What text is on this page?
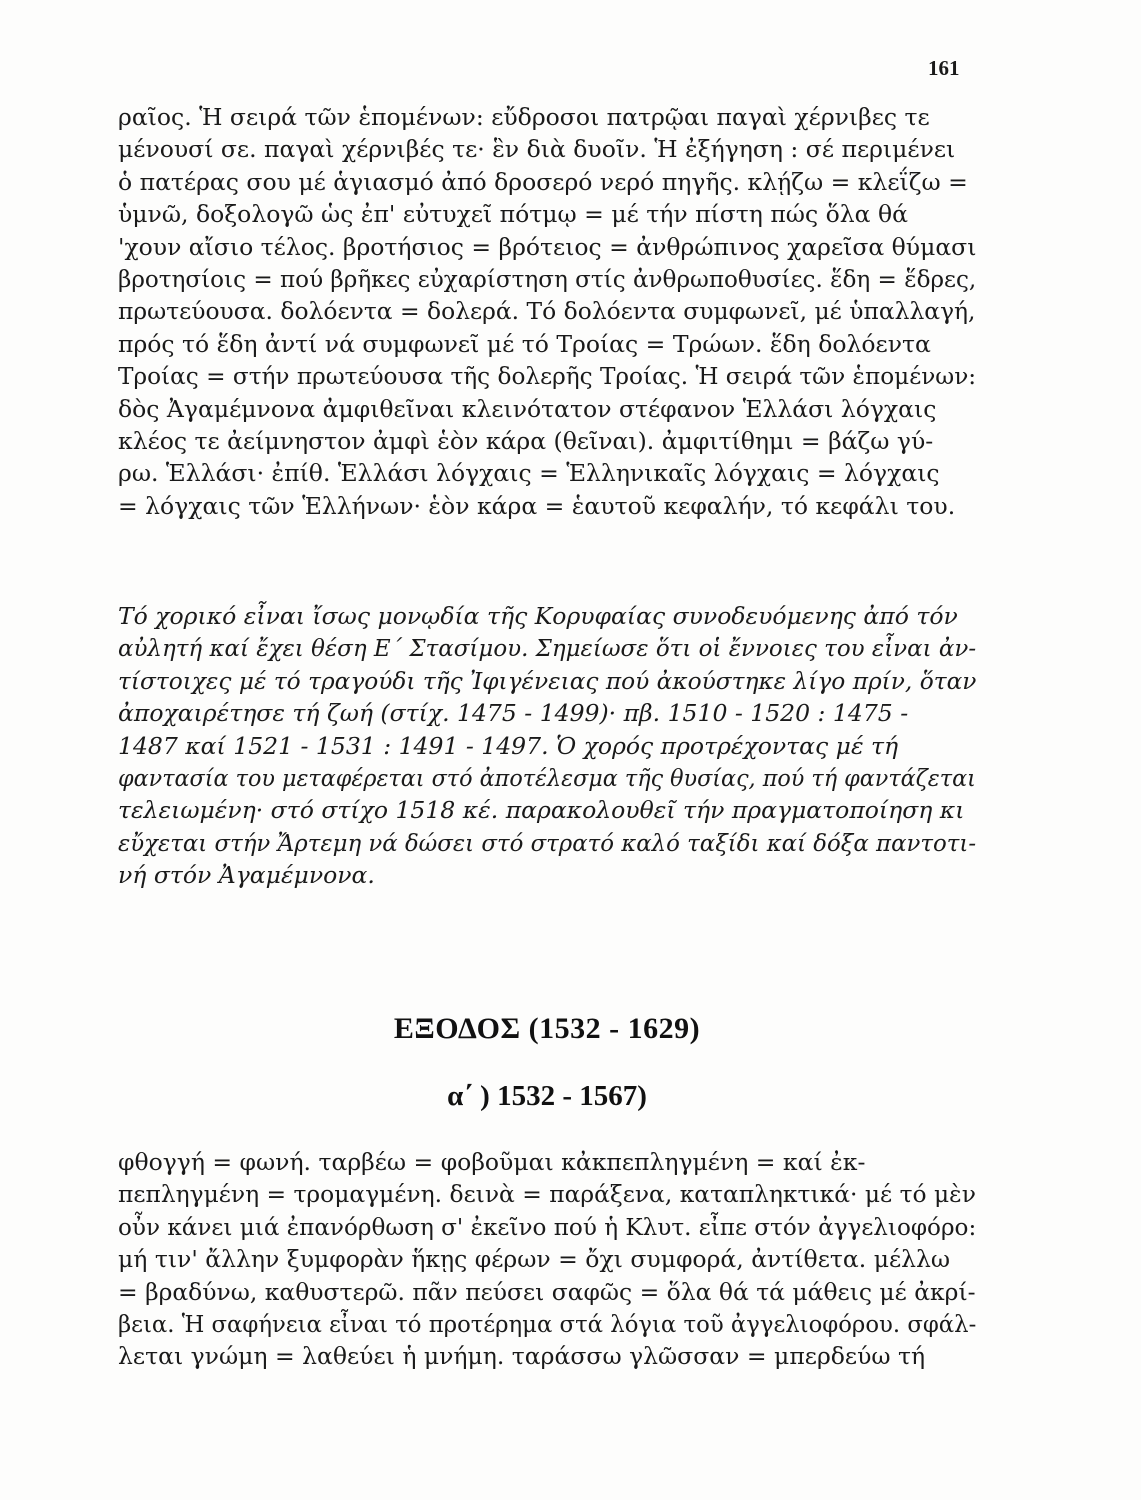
161
ραῖος. Ἡ σειρά τῶν ἑπομένων: εὔδροσοι πατρῷαι παγαὶ χέρνιβες τε
μένουσί σε. παγαὶ χέρνιβές τε· ἓν διὰ δυοῖν. Ἡ ἐξήγηση : σέ περιμένει
ὁ πατέρας σου μέ ἁγιασμό ἀπό δροσερό νερό πηγῆς. κλῄζω = κλεΐζω =
ὑμνῶ, δοξολογῶ ὡς ἐπ' εὐτυχεῖ πότμῳ = μέ τήν πίστη πώς ὅλα θά
'χουν αἴσιο τέλος. βροτήσιος = βρότειος = ἀνθρώπινος χαρεῖσα θύμασι
βροτησίοις = πού βρῆκες εὐχαρίστηση στίς ἀνθρωποθυσίες. ἕδη = ἕδρες,
πρωτεύουσα. δολόεντα = δολερά. Τό δολόεντα συμφωνεῖ, μέ ὑπαλλαγή,
πρός τό ἕδη ἀντί νά συμφωνεῖ μέ τό Τροίας = Τρώων. ἕδη δολόεντα
Τροίας = στήν πρωτεύουσα τῆς δολερῆς Τροίας. Ἡ σειρά τῶν ἑπομένων:
δὸς Ἀγαμέμνονα ἀμφιθεῖναι κλεινότατον στέφανον Ἑλλάσι λόγχαις
κλέος τε ἀείμνηστον ἀμφὶ ἑὸν κάρα (θεῖναι). ἀμφιτίθημι = βάζω γύ-
ρω. Ἑλλάσι· ἐπίθ. Ἑλλάσι λόγχαις = Ἑλληνικαῖς λόγχαις = λόγχαις
= λόγχαις τῶν Ἑλλήνων· ἑὸν κάρα = ἑαυτοῦ κεφαλήν, τό κεφάλι του.
Τό χορικό εἶναι ἴσως μονῳδία τῆς Κορυφαίας συνοδευόμενης ἀπό τόν
αὐλητή καί ἔχει θέση Ε΄ Στασίμου. Σημείωσε ὅτι οἱ ἔννοιες του εἶναι ἀν-
τίστοιχες μέ τό τραγούδι τῆς Ἰφιγένειας πού ἀκούστηκε λίγο πρίν, ὅταν
ἀποχαιρέτησε τή ζωή (στίχ. 1475 - 1499)· πβ. 1510 - 1520 : 1475 -
1487 καί 1521 - 1531 : 1491 - 1497. Ὁ χορός προτρέχοντας μέ τή
φαντασία του μεταφέρεται στό ἀποτέλεσμα τῆς θυσίας, πού τή φαντάζεται
τελειωμένη· στό στίχο 1518 κέ. παρακολουθεῖ τήν πραγματοποίηση κι
εὔχεται στήν Ἄρτεμη νά δώσει στό στρατό καλό ταξίδι καί δόξα παντοτι-
νή στόν Ἀγαμέμνονα.
ΕΞΟΔΟΣ (1532 - 1629)
α΄ ) 1532 - 1567)
φθογγή = φωνή. ταρβέω = φοβοῦμαι κἀκπεπληγμένη = καί ἐκ-
πεπληγμένη = τρομαγμένη. δεινὰ = παράξενα, καταπληκτικά· μέ τό μὲν
οὖν κάνει μιά ἐπανόρθωση σ' ἐκεῖνο πού ἡ Κλυτ. εἶπε στόν ἀγγελιοφόρο:
μή τιν' ἄλλην ξυμφορὰν ἥκῃς φέρων = ὄχι συμφορά, ἀντίθετα. μέλλω
= βραδύνω, καθυστερῶ. πᾶν πεύσει σαφῶς = ὅλα θά τά μάθεις μέ ἀκρί-
βεια. Ἡ σαφήνεια εἶναι τό προτέρημα στά λόγια τοῦ ἀγγελιοφόρου. σφάλ-
λεται γνώμη = λαθεύει ἡ μνήμη. ταράσσω γλῶσσαν = μπερδεύω τή
